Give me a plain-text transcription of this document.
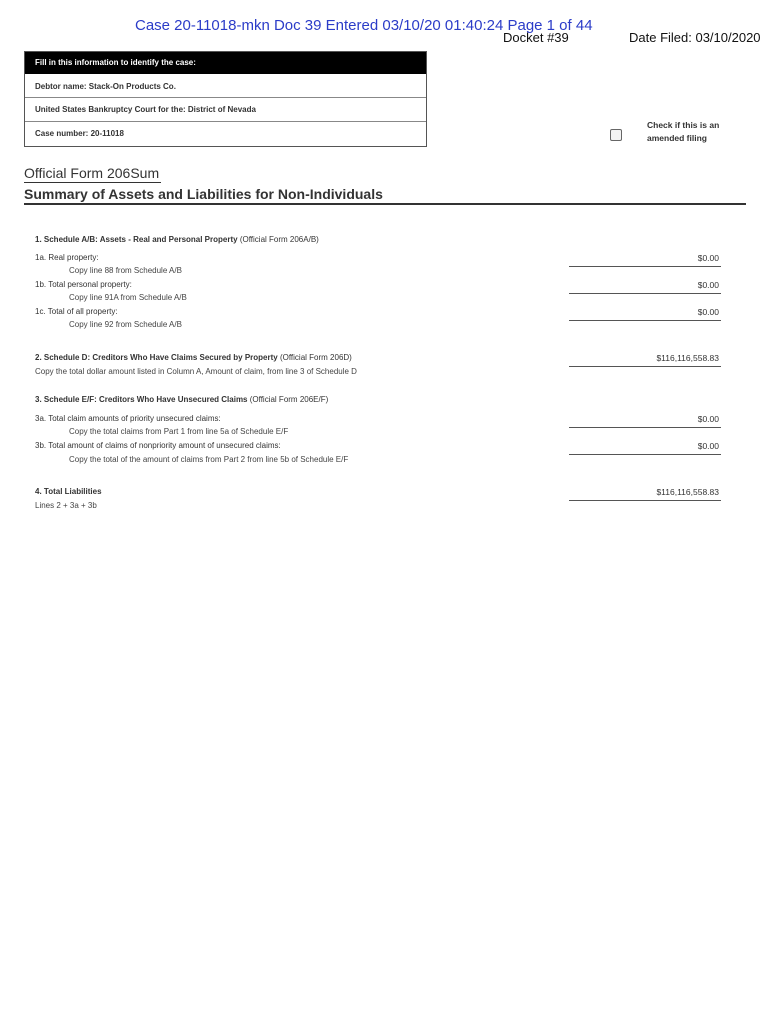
Case 20-11018-mkn Doc 39 Entered 03/10/20 01:40:24 Page 1 of 44
Docket #39	Date Filed: 03/10/2020
Fill in this information to identify the case:
Debtor name: Stack-On Products Co.
United States Bankruptcy Court for the: District of Nevada
Case number: 20-11018
Check if this is an
amended filing
Official Form 206Sum
Summary of Assets and Liabilities for Non-Individuals
1. Schedule A/B: Assets - Real and Personal Property (Official Form 206A/B)
1a. Real property:
Copy line 88 from Schedule A/B
$0.00
1b. Total personal property:
Copy line 91A from Schedule A/B
$0.00
1c. Total of all property:
Copy line 92 from Schedule A/B
$0.00
2. Schedule D: Creditors Who Have Claims Secured by Property (Official Form 206D)
Copy the total dollar amount listed in Column A, Amount of claim, from line 3 of Schedule D
$116,116,558.83
3. Schedule E/F: Creditors Who Have Unsecured Claims (Official Form 206E/F)
3a. Total claim amounts of priority unsecured claims:
Copy the total claims from Part 1 from line 5a of Schedule E/F
$0.00
3b. Total amount of claims of nonpriority amount of unsecured claims:
Copy the total of the amount of claims from Part 2 from line 5b of Schedule E/F
$0.00
4. Total Liabilities
Lines 2 + 3a + 3b
$116,116,558.83
